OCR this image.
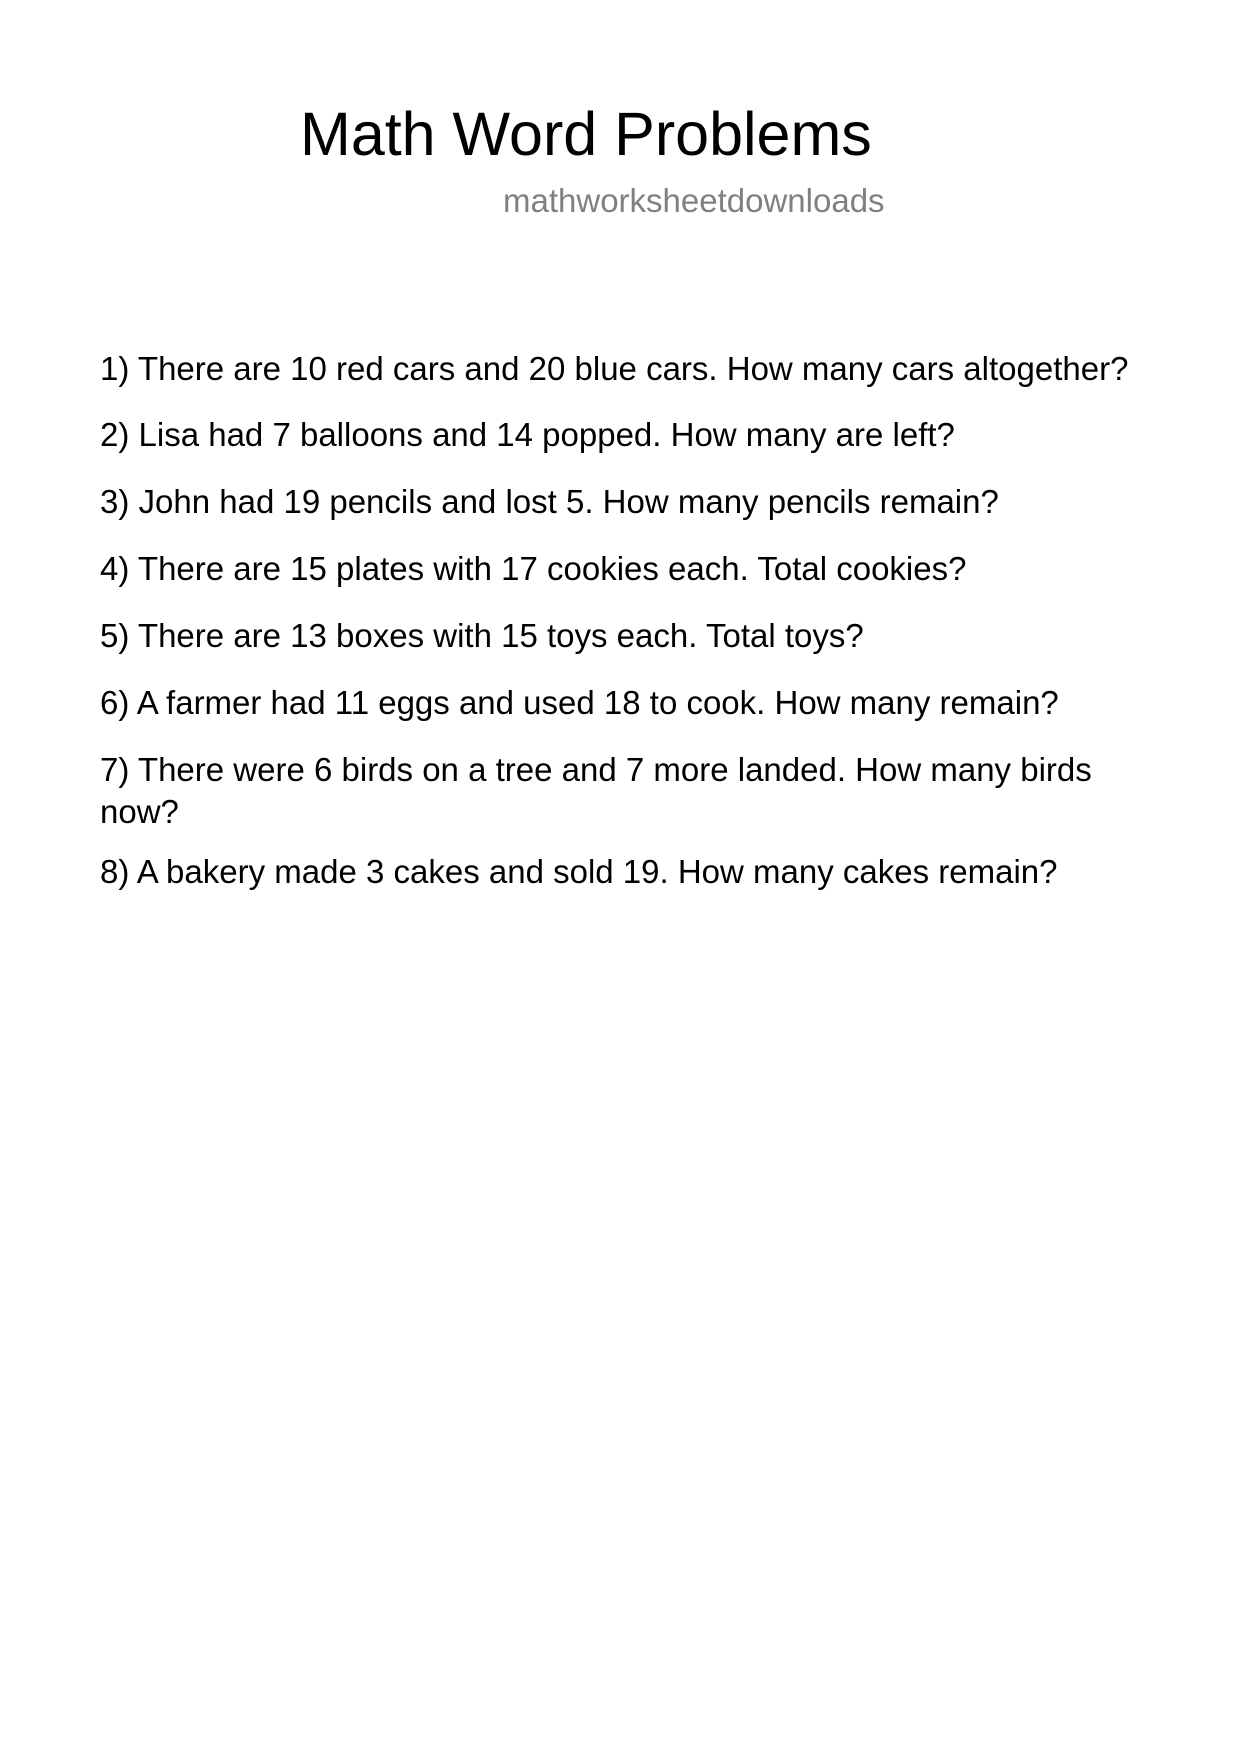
Math Word Problems
mathworksheetdownloads
1) There are 10 red cars and 20 blue cars. How many cars altogether?
2) Lisa had 7 balloons and 14 popped. How many are left?
3) John had 19 pencils and lost 5. How many pencils remain?
4) There are 15 plates with 17 cookies each. Total cookies?
5) There are 13 boxes with 15 toys each. Total toys?
6) A farmer had 11 eggs and used 18 to cook. How many remain?
7) There were 6 birds on a tree and 7 more landed. How many birds now?
8) A bakery made 3 cakes and sold 19. How many cakes remain?
